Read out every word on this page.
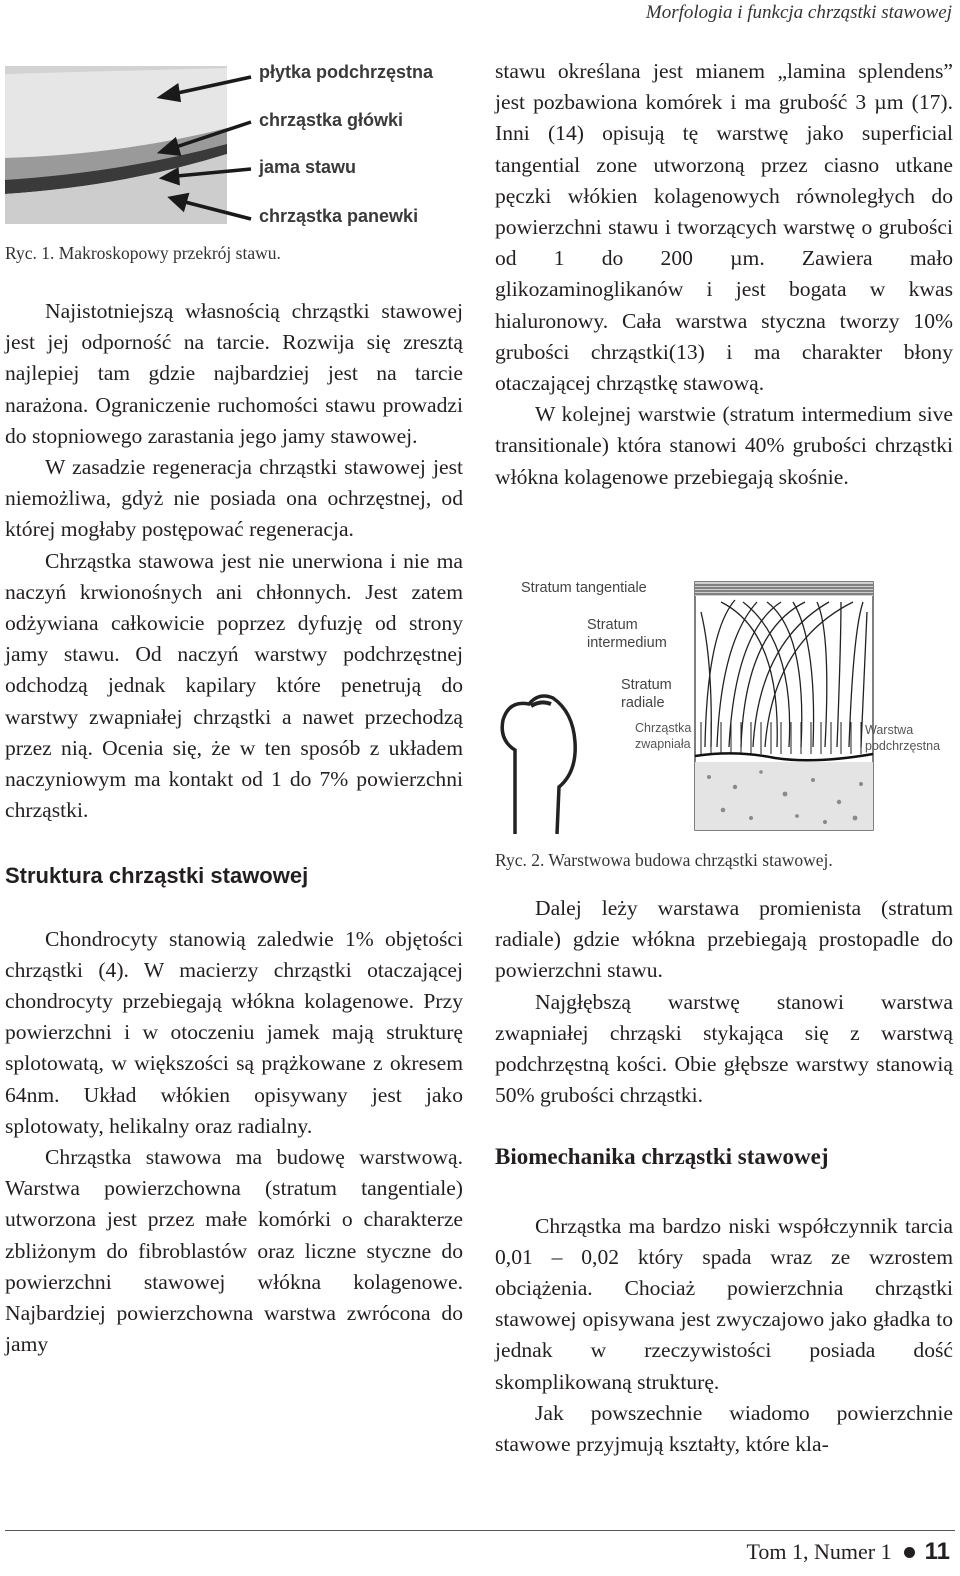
Morfologia i funkcja chrząstki stawowej
płytka podchrzęstna
chrząstka główki
jama stawu
chrząstka panewki
Ryc. 1. Makroskopowy przekrój stawu.

Najistotniejszą własnością chrząstki stawowej jest jej odporność na tarcie. Rozwija się zresztą najlepiej tam gdzie najbardziej jest na tarcie narażona. Ograniczenie ruchomości stawu prowadzi do stopniowego zarastania jego jamy stawowej.

W zasadzie regeneracja chrząstki stawowej jest niemożliwa, gdyż nie posiada ona ochrzęstnej, od której mogłaby postępować regeneracja.

Chrząstka stawowa jest nie unerwiona i nie ma naczyń krwionośnych ani chłonnych. Jest zatem odżywiana całkowicie poprzez dyfuzję od strony jamy stawu. Od naczyń warstwy podchrzęstnej odchodzą jednak kapilary które penetrują do warstwy zwapniałej chrząstki a nawet przechodzą przez nią. Ocenia się, że w ten sposób z układem naczyniowym ma kontakt od 1 do 7% powierzchni chrząstki.

Struktura chrząstki stawowej

Chondrocyty stanowią zaledwie 1% objętości chrząstki (4). W macierzy chrząstki otaczającej chondrocyty przebiegają włókna kolagenowe. Przy powierzchni i w otoczeniu jamek mają strukturę splotowatą, w większości są prążkowane z okresem 64nm. Układ włókien opisywany jest jako splotowaty, helikalny oraz radialny.

Chrząstka stawowa ma budowę warstwową. Warstwa powierzchowna (stratum tangentiale) utworzona jest przez małe komórki o charakterze zbliżonym do fibroblastów oraz liczne styczne do powierzchni stawowej włókna kolagenowe. Najbardziej powierzchowna warstwa zwrócona do jamy

stawu określana jest mianem „lamina splendens” jest pozbawiona komórek i ma grubość 3 µm (17). Inni (14) opisują tę warstwę jako superficial tangential zone utworzoną przez ciasno utkane pęczki włókien kolagenowych równoległych do powierzchni stawu i tworzących warstwę o grubości od 1 do 200 µm. Zawiera mało glikozaminoglikanów i jest bogata w kwas hialuronowy. Cała warstwa styczna tworzy 10% grubości chrząstki(13) i ma charakter błony otaczającej chrząstkę stawową.

W kolejnej warstwie (stratum intermedium sive transitionale) która stanowi 40% grubości chrząstki włókna kolagenowe przebiegają skośnie.

Stratum tangentiale
Stratum intermedium
Stratum radiale
Chrząstka zwapniała
Warstwa podchrzęstna
Ryc. 2. Warstwowa budowa chrząstki stawowej.

Dalej leży warstawa promienista (stratum radiale) gdzie włókna przebiegają prostopadle do powierzchni stawu.

Najgłębszą warstwę stanowi warstwa zwapniałej chrząski stykająca się z warstwą podchrzęstną kości. Obie głębsze warstwy stanowią 50% grubości chrząstki.

Biomechanika chrząstki stawowej

Chrząstka ma bardzo niski współczynnik tarcia 0,01 – 0,02 który spada wraz ze wzrostem obciążenia. Chociaż powierzchnia chrząstki stawowej opisywana jest zwyczajowo jako gładka to jednak w rzeczywistości posiada dość skomplikowaną strukturę.

Jak powszechnie wiadomo powierzchnie stawowe przyjmują kształty, które kla-

Tom 1, Numer 1 11
